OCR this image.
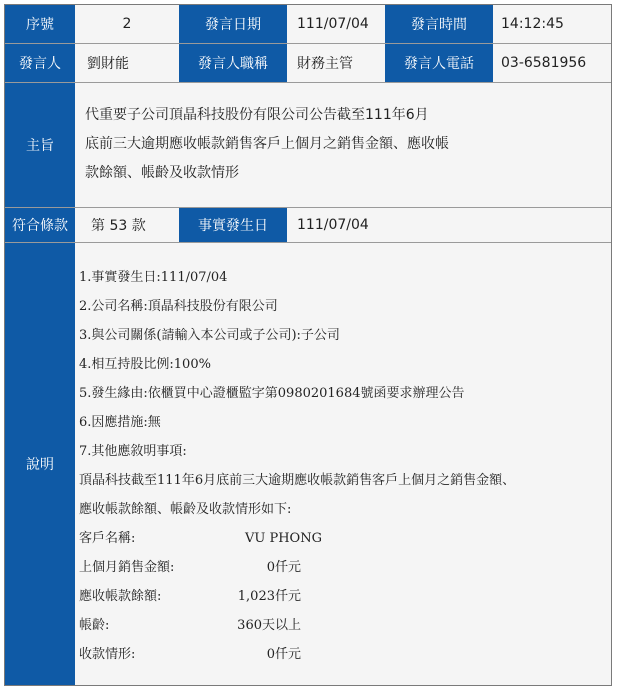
序號	2	發言日期	111/07/04	發言時間	14:12:45
發言人	劉財能	發言人職稱	財務主管	發言人電話	03-6581956
主旨
代重要子公司頂晶科技股份有限公司公告截至111年6月
底前三大逾期應收帳款銷售客戶上個月之銷售金額、應收帳
款餘額、帳齡及收款情形
符合條款	第 53 款	事實發生日	111/07/04
說明
1.事實發生日:111/07/04
2.公司名稱:頂晶科技股份有限公司
3.與公司關係(請輸入本公司或子公司):子公司
4.相互持股比例:100%
5.發生緣由:依櫃買中心證櫃監字第0980201684號函要求辦理公告
6.因應措施:無
7.其他應敘明事項:
頂晶科技截至111年6月底前三大逾期應收帳款銷售客戶上個月之銷售金額、
應收帳款餘額、帳齡及收款情形如下:
客戶名稱:	VU PHONG
上個月銷售金額:	0仟元
應收帳款餘額:	1,023仟元
帳齡:	360天以上
收款情形:	0仟元
